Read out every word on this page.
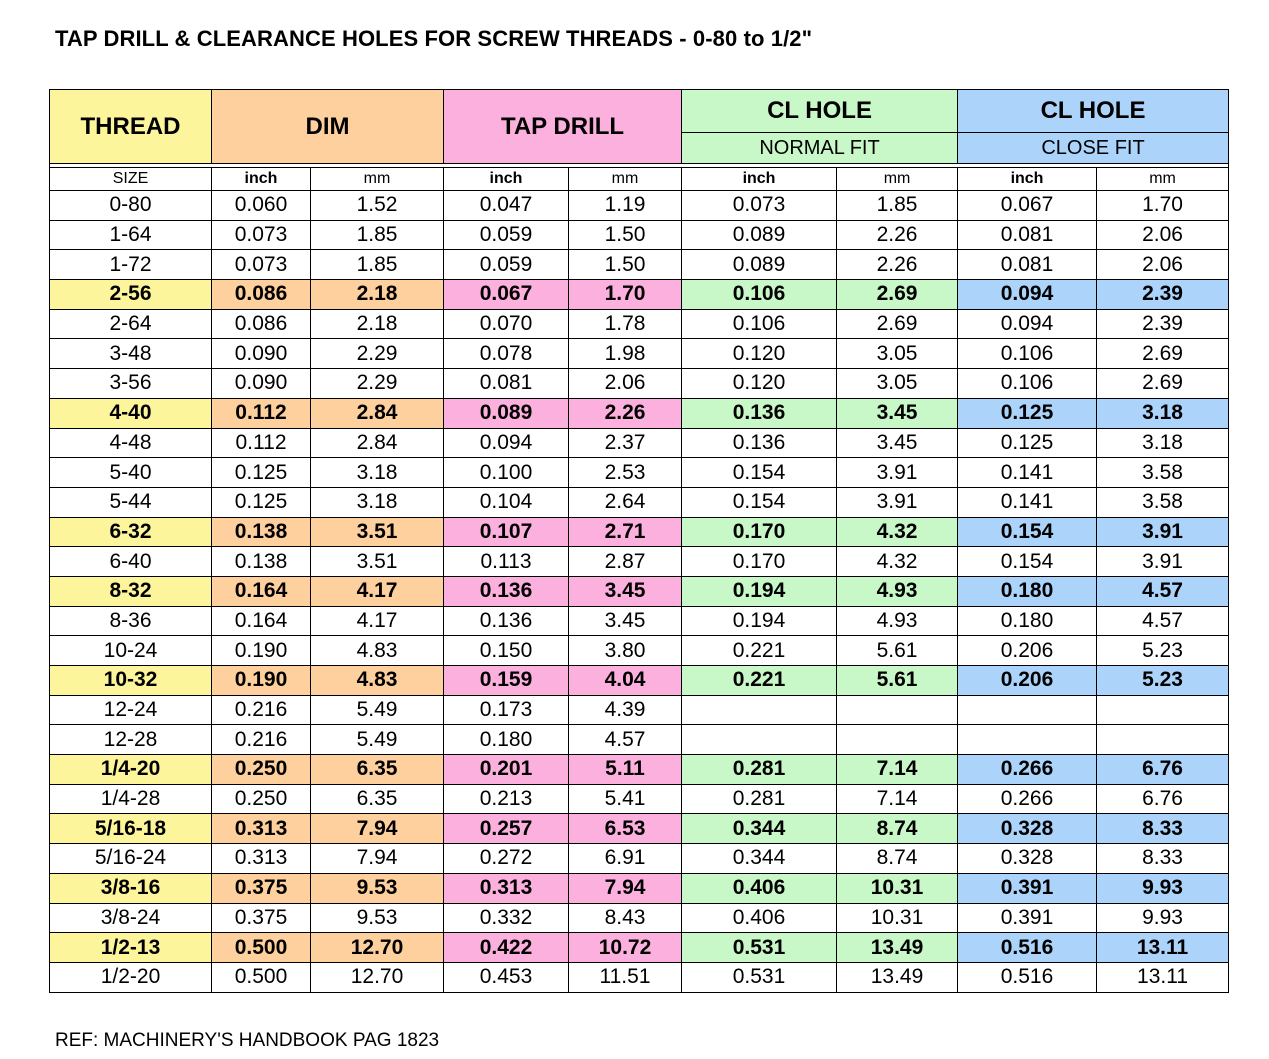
TAP DRILL & CLEARANCE HOLES FOR SCREW THREADS - 0-80 to 1/2"
THREAD	DIM		TAP DRILL		CL HOLE		CL HOLE	
					NORMAL FIT		CLOSE FIT	

SIZE	inch	mm	inch	mm	inch	mm	inch	mm
0-80	0.060	1.52	0.047	1.19	0.073	1.85	0.067	1.70
1-64	0.073	1.85	0.059	1.50	0.089	2.26	0.081	2.06
1-72	0.073	1.85	0.059	1.50	0.089	2.26	0.081	2.06
2-56	0.086	2.18	0.067	1.70	0.106	2.69	0.094	2.39
2-64	0.086	2.18	0.070	1.78	0.106	2.69	0.094	2.39
3-48	0.090	2.29	0.078	1.98	0.120	3.05	0.106	2.69
3-56	0.090	2.29	0.081	2.06	0.120	3.05	0.106	2.69
4-40	0.112	2.84	0.089	2.26	0.136	3.45	0.125	3.18
4-48	0.112	2.84	0.094	2.37	0.136	3.45	0.125	3.18
5-40	0.125	3.18	0.100	2.53	0.154	3.91	0.141	3.58
5-44	0.125	3.18	0.104	2.64	0.154	3.91	0.141	3.58
6-32	0.138	3.51	0.107	2.71	0.170	4.32	0.154	3.91
6-40	0.138	3.51	0.113	2.87	0.170	4.32	0.154	3.91
8-32	0.164	4.17	0.136	3.45	0.194	4.93	0.180	4.57
8-36	0.164	4.17	0.136	3.45	0.194	4.93	0.180	4.57
10-24	0.190	4.83	0.150	3.80	0.221	5.61	0.206	5.23
10-32	0.190	4.83	0.159	4.04	0.221	5.61	0.206	5.23
12-24	0.216	5.49	0.173	4.39				
12-28	0.216	5.49	0.180	4.57				
1/4-20	0.250	6.35	0.201	5.11	0.281	7.14	0.266	6.76
1/4-28	0.250	6.35	0.213	5.41	0.281	7.14	0.266	6.76
5/16-18	0.313	7.94	0.257	6.53	0.344	8.74	0.328	8.33
5/16-24	0.313	7.94	0.272	6.91	0.344	8.74	0.328	8.33
3/8-16	0.375	9.53	0.313	7.94	0.406	10.31	0.391	9.93
3/8-24	0.375	9.53	0.332	8.43	0.406	10.31	0.391	9.93
1/2-13	0.500	12.70	0.422	10.72	0.531	13.49	0.516	13.11
1/2-20	0.500	12.70	0.453	11.51	0.531	13.49	0.516	13.11
REF: MACHINERY'S HANDBOOK PAG 1823
